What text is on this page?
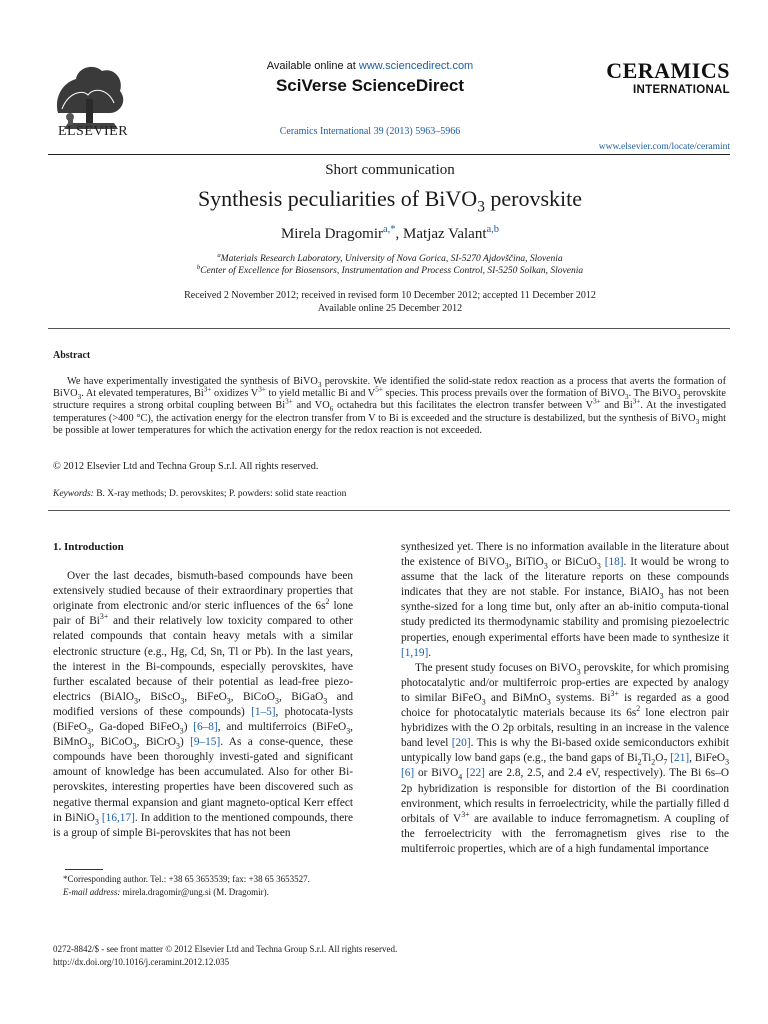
ELSEVIER
Available online at www.sciencedirect.com
SciVerse ScienceDirect
Ceramics International 39 (2013) 5963–5966
CERAMICS
INTERNATIONAL
www.elsevier.com/locate/ceramint
Short communication
Synthesis peculiarities of BiVO$_3$ perovskite
Mirela Dragomir$^{a,*}$, Matjaz Valant$^{a,b}$
$^a$Materials Research Laboratory, University of Nova Gorica, SI-5270 Ajdovščina, Slovenia
$^b$Center of Excellence for Biosensors, Instrumentation and Process Control, SI-5250 Solkan, Slovenia
Received 2 November 2012; received in revised form 10 December 2012; accepted 11 December 2012
Available online 25 December 2012
Abstract

We have experimentally investigated the synthesis of BiVO$_3$ perovskite. We identified the solid-state redox reaction as a process that averts the formation of BiVO$_3$. At elevated temperatures, $Bi^{3+}$ oxidizes $V^{3+}$ to yield metallic Bi and $V^{5+}$ species. This process prevails over the formation of BiVO$_3$. The BiVO$_3$ perovskite structure requires a strong orbital coupling between $Bi^{3+}$ and $VO_6$ octahedra but this facilitates the electron transfer between $V^{3+}$ and $Bi^{3+}$. At the investigated temperatures (>400 °C), the activation energy for the electron transfer from V to Bi is exceeded and the structure is destabilized, but the synthesis of BiVO$_3$ might be possible at lower temperatures for which the activation energy for the redox reaction is not exceeded.

© 2012 Elsevier Ltd and Techna Group S.r.l. All rights reserved.
Keywords: B. X-ray methods; D. perovskites; P. powders: solid state reaction

1. Introduction

Over the last decades, bismuth-based compounds have been extensively studied because of their extraordinary properties that originate from electronic and/or steric influences of the $6s^2$ lone pair of $Bi^{3+}$ and their relatively low toxicity compared to other related compounds that contain heavy metals with a similar electronic structure (e.g., Hg, Cd, Sn, Tl or Pb). In the last years, the interest in the Bi-compounds, especially perovskites, have further escalated because of their potential as lead-free piezo-electrics (BiAlO$_3$, BiScO$_3$, BiFeO$_3$, BiCoO$_3$, BiGaO$_3$ and modified versions of these compounds) [1–5], photocata-lysts (BiFeO$_3$, Ga-doped BiFeO$_3$) [6–8], and multiferroics (BiFeO$_3$, BiMnO$_3$, BiCoO$_3$, BiCrO$_3$) [9–15]. As a conse-quence, these compounds have been thoroughly investi-gated and significant amount of knowledge has been accumulated. Also for other Bi-perovskites, interesting properties have been discovered such as negative thermal expansion and giant magneto-optical Kerr effect in BiNiO$_3$ [16,17]. In addition to the mentioned compounds, there is a group of simple Bi-perovskites that has not been

synthesized yet. There is no information available in the literature about the existence of BiVO$_3$, BiTiO$_3$ or BiCuO$_3$ [18]. It would be wrong to assume that the lack of the literature reports on these compounds indicates that they are not stable. For instance, BiAlO$_3$ has not been synthe-sized for a long time but, only after an ab-initio computa-tional study predicted its thermodynamic stability and promising piezoelectric properties, enough experimental efforts have been made to synthesize it [1,19].

The present study focuses on BiVO$_3$ perovskite, for which promising photocatalytic and/or multiferroic prop-erties are expected by analogy to similar BiFeO$_3$ and BiMnO$_3$ systems. $Bi^{3+}$ is regarded as a good choice for photocatalytic materials because its $6s^2$ lone electron pair hybridizes with the O 2p orbitals, resulting in an increase in the valence band level [20]. This is why the Bi-based oxide semiconductors exhibit untypically low band gaps (e.g., the band gaps of $Bi_2Ti_2O_7$ [21], BiFeO$_3$ [6] or BiVO$_4$ [22] are 2.8, 2.5, and 2.4 eV, respectively). The Bi 6s–O 2p hybridization is responsible for distortion of the Bi coordination environment, which results in ferroelectricity, while the partially filled d orbitals of $V^{3+}$ are available to induce ferromagnetism. A coupling of the ferroelectricity with the ferromagnetism gives rise to the multiferroic properties, which are of a high fundamental importance

*Corresponding author. Tel.: +38 65 3653539; fax: +38 65 3653527.
E-mail address: mirela.dragomir@ung.si (M. Dragomir).
0272-8842/$ - see front matter © 2012 Elsevier Ltd and Techna Group S.r.l. All rights reserved.
http://dx.doi.org/10.1016/j.ceramint.2012.12.035
